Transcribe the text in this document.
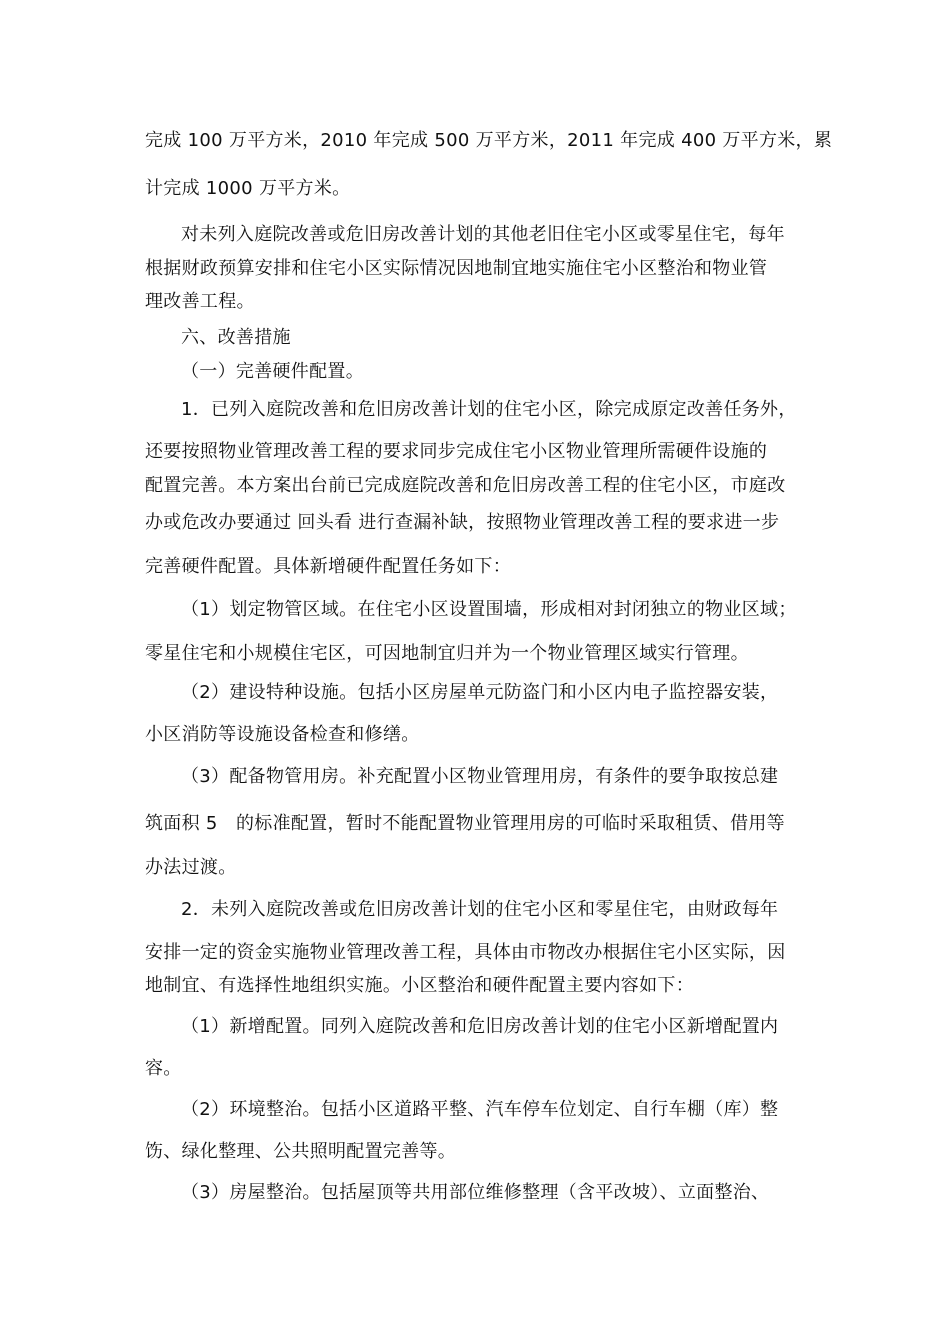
完成 100 万平方米，2010 年完成 500 万平方米，2011 年完成 400 万平方米，累
计完成 1000 万平方米。
对未列入庭院改善或危旧房改善计划的其他老旧住宅小区或零星住宅，每年
根据财政预算安排和住宅小区实际情况因地制宜地实施住宅小区整治和物业管
理改善工程。
六、改善措施
（一）完善硬件配置。
1．已列入庭院改善和危旧房改善计划的住宅小区，除完成原定改善任务外，
还要按照物业管理改善工程的要求同步完成住宅小区物业管理所需硬件设施的
配置完善。本方案出台前已完成庭院改善和危旧房改善工程的住宅小区，市庭改
办或危改办要通过 回头看 进行查漏补缺，按照物业管理改善工程的要求进一步
完善硬件配置。具体新增硬件配置任务如下：
（1）划定物管区域。在住宅小区设置围墙，形成相对封闭独立的物业区域；
零星住宅和小规模住宅区，可因地制宜归并为一个物业管理区域实行管理。
（2）建设特种设施。包括小区房屋单元防盗门和小区内电子监控器安装，
小区消防等设施设备检查和修缮。
（3）配备物管用房。补充配置小区物业管理用房，有条件的要争取按总建
筑面积 5　的标准配置，暂时不能配置物业管理用房的可临时采取租赁、借用等
办法过渡。
2．未列入庭院改善或危旧房改善计划的住宅小区和零星住宅，由财政每年
安排一定的资金实施物业管理改善工程，具体由市物改办根据住宅小区实际，因
地制宜、有选择性地组织实施。小区整治和硬件配置主要内容如下：
（1）新增配置。同列入庭院改善和危旧房改善计划的住宅小区新增配置内
容。
（2）环境整治。包括小区道路平整、汽车停车位划定、自行车棚（库）整
饬、绿化整理、公共照明配置完善等。
（3）房屋整治。包括屋顶等共用部位维修整理（含平改坡）、立面整治、
